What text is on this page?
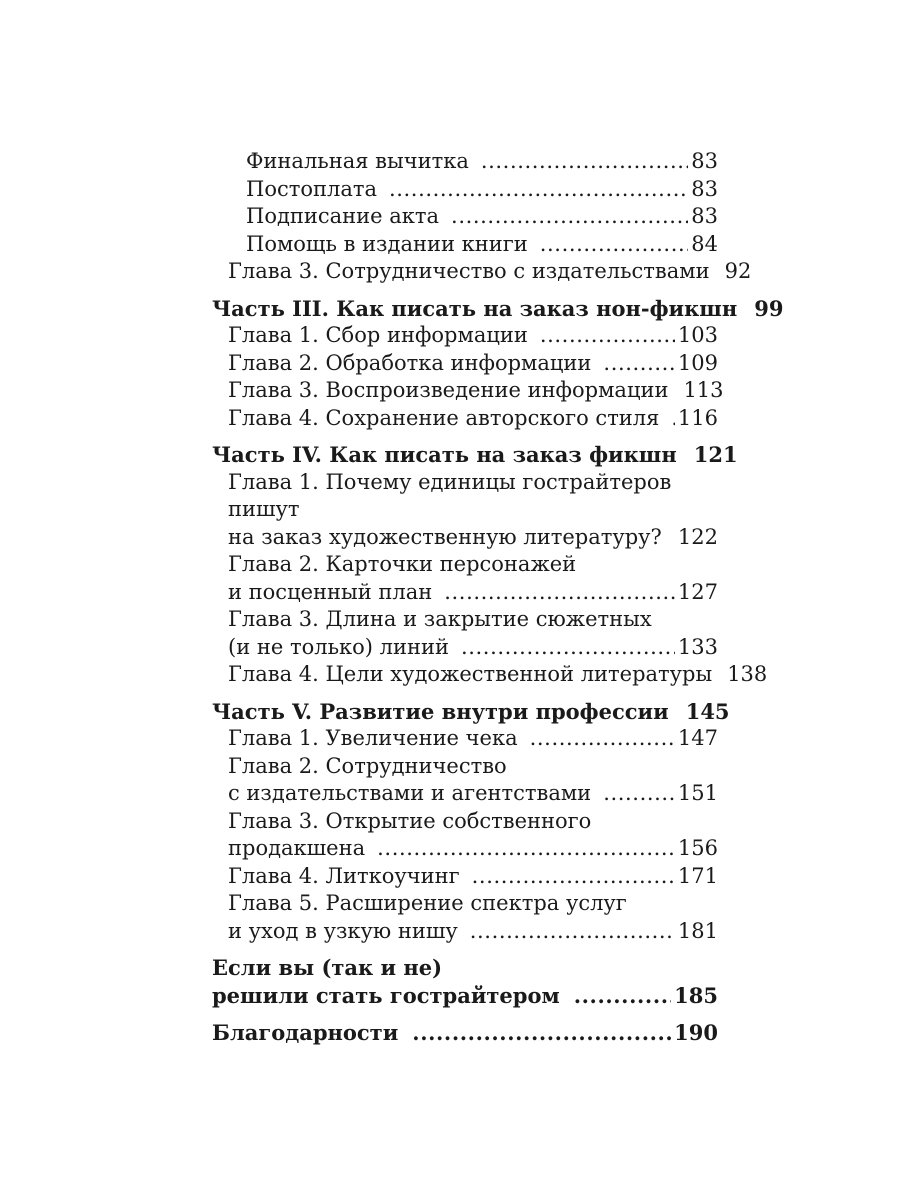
Финальная вычитка .....	83
Постоплата .....	83
Подписание акта .....	83
Помощь в издании книги .....	84
Глава 3. Сотрудничество с издательствами 92
Часть III. Как писать на заказ нон-фикшн 99
Глава 1. Сбор информации .....	103
Глава 2. Обработка информации .....	109
Глава 3. Воспроизведение информации 113
Глава 4. Сохранение авторского стиля ..... 116
Часть IV. Как писать на заказ фикшн 121
Глава 1. Почему единицы гострайтеров пишут
на заказ художественную литературу? ..... 122
Глава 2. Карточки персонажей
и посценный план .....	127
Глава 3. Длина и закрытие сюжетных
(и не только) линий .....	133
Глава 4. Цели художественной литературы 138
Часть V. Развитие внутри профессии 145
Глава 1. Увеличение чека .....	147
Глава 2. Сотрудничество
с издательствами и агентствами .....	151
Глава 3. Открытие собственного
продакшена .....	156
Глава 4. Литкоучинг .....	171
Глава 5. Расширение спектра услуг
и уход в узкую нишу .....	181
Если вы (так и не)
решили стать гострайтером .....	185
Благодарности .....	190
